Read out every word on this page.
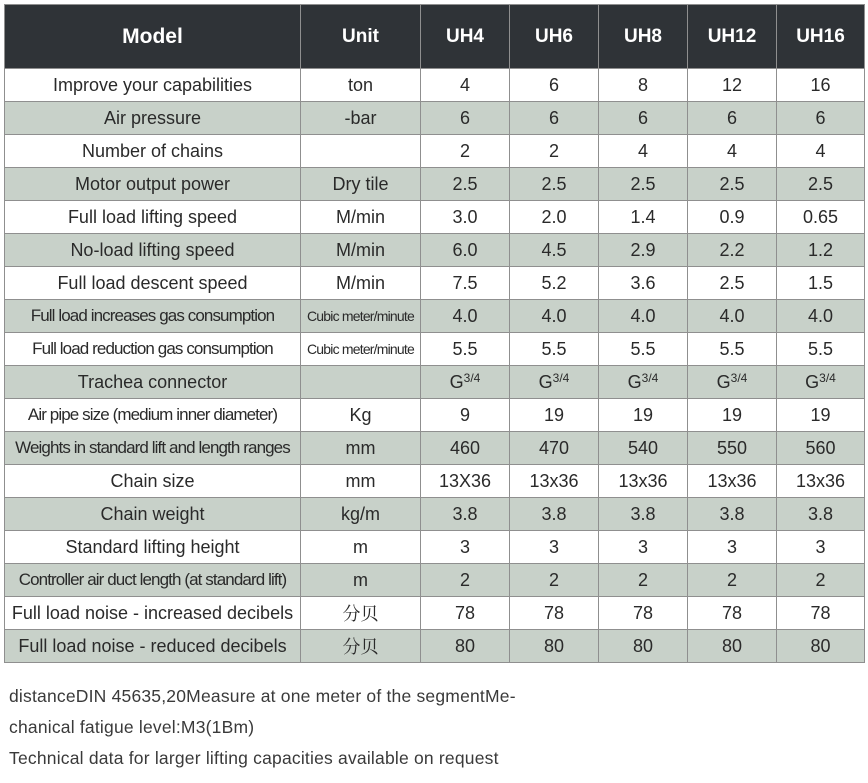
Model	Unit	UH4	UH6	UH8	UH12	UH16
Improve your capabilities	ton	4	6	8	12	16
Air pressure	-bar	6	6	6	6	6
Number of chains		2	2	4	4	4
Motor output power	Dry tile	2.5	2.5	2.5	2.5	2.5
Full load lifting speed	M/min	3.0	2.0	1.4	0.9	0.65
No-load lifting speed	M/min	6.0	4.5	2.9	2.2	1.2
Full load descent speed	M/min	7.5	5.2	3.6	2.5	1.5
Full load increases gas consumption	Cubic meter/minute	4.0	4.0	4.0	4.0	4.0
Full load reduction gas consumption	Cubic meter/minute	5.5	5.5	5.5	5.5	5.5
Trachea connector		$G^{3/4}$	$G^{3/4}$	$G^{3/4}$	$G^{3/4}$	$G^{3/4}$
Air pipe size (medium inner diameter)	Kg	9	19	19	19	19
Weights in standard lift and length ranges	mm	460	470	540	550	560
Chain size	mm	13X36	13x36	13x36	13x36	13x36
Chain weight	kg/m	3.8	3.8	3.8	3.8	3.8
Standard lifting height	m	3	3	3	3	3
Controller air duct length (at standard lift)	m	2	2	2	2	2
Full load noise - increased decibels	分贝	78	78	78	78	78
Full load noise - reduced decibels	分贝	80	80	80	80	80
distanceDIN 45635,20Measure at one meter of the segmentMe-
chanical fatigue level:M3(1Bm)
Technical data for larger lifting capacities available on request
